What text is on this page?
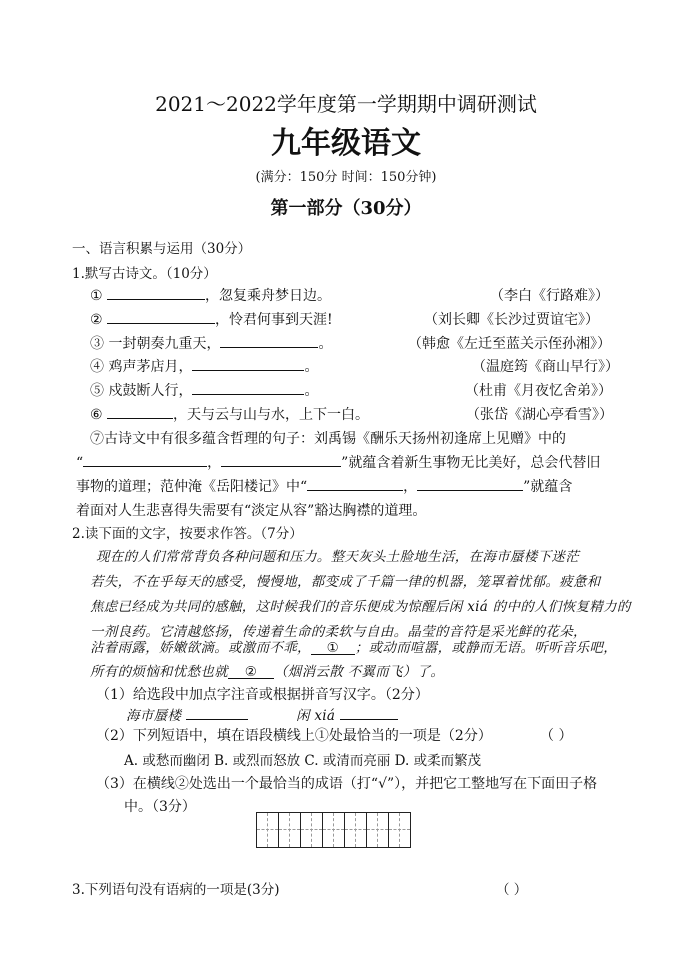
2021～2022学年度第一学期期中调研测试
九年级语文
(满分：150分 时间：150分钟)
第一部分（30分）
一、语言积累与运用（30分）
1.默写古诗文。（10分）
①	，忽复乘舟梦日边。	（李白《行路难》）
②	，怜君何事到天涯!	（刘长卿《长沙过贾谊宅》）
③ 一封朝奏九重天，	。	（韩愈《左迁至蓝关示侄孙湘》）
④ 鸡声茅店月，	。	（温庭筠《商山早行》）
⑤ 戍鼓断人行，	。	（杜甫《月夜忆舍弟》）
⑥	，天与云与山与水，上下一白。	（张岱《湖心亭看雪》）
⑦古诗文中有很多蕴含哲理的句子：刘禹锡《酬乐天扬州初逢席上见赠》中的
“	，	”就蕴含着新生事物无比美好，总会代替旧
事物的道理；范仲淹《岳阳楼记》中“	，	”就蕴含
着面对人生悲喜得失需要有“淡定从容”豁达胸襟的道理。
2.读下面的文字，按要求作答。（7分）
现在的人们常常背负各种问题和压力。整天灰头土脸地生活，在海市蜃楼下迷茫
若失，不在乎每天的感受，慢慢地，都变成了千篇一律的机器，笼罩着忧郁。疲惫和
焦虑已经成为共同的感触，这时候我们的音乐便成为惊醒后闲 xiá 的中的人们恢复精力的
一剂良药。它清越悠扬，传递着生命的柔软与自由。晶莹的音符是采光鲜的花朵，
沾着雨露，娇嫩欲滴。或激而不乖， ① ；或动而喧嚣，或静而无语。听听音乐吧，
所有的烦恼和忧愁也就 ② （烟消云散 不翼而飞）了。
（1）给选段中加点字注音或根据拼音写汉字。（2分）
海市蜃楼	闲 xiá
（2）下列短语中，填在语段横线上①处最恰当的一项是（2分）	（ ）
A. 或愁而幽闭 B. 或烈而怒放 C. 或清而亮丽 D. 或柔而繁茂
（3）在横线②处选出一个最恰当的成语（打“√”），并把它工整地写在下面田子格
中。（3分）
3.下列语句没有语病的一项是(3分)	（ ）
